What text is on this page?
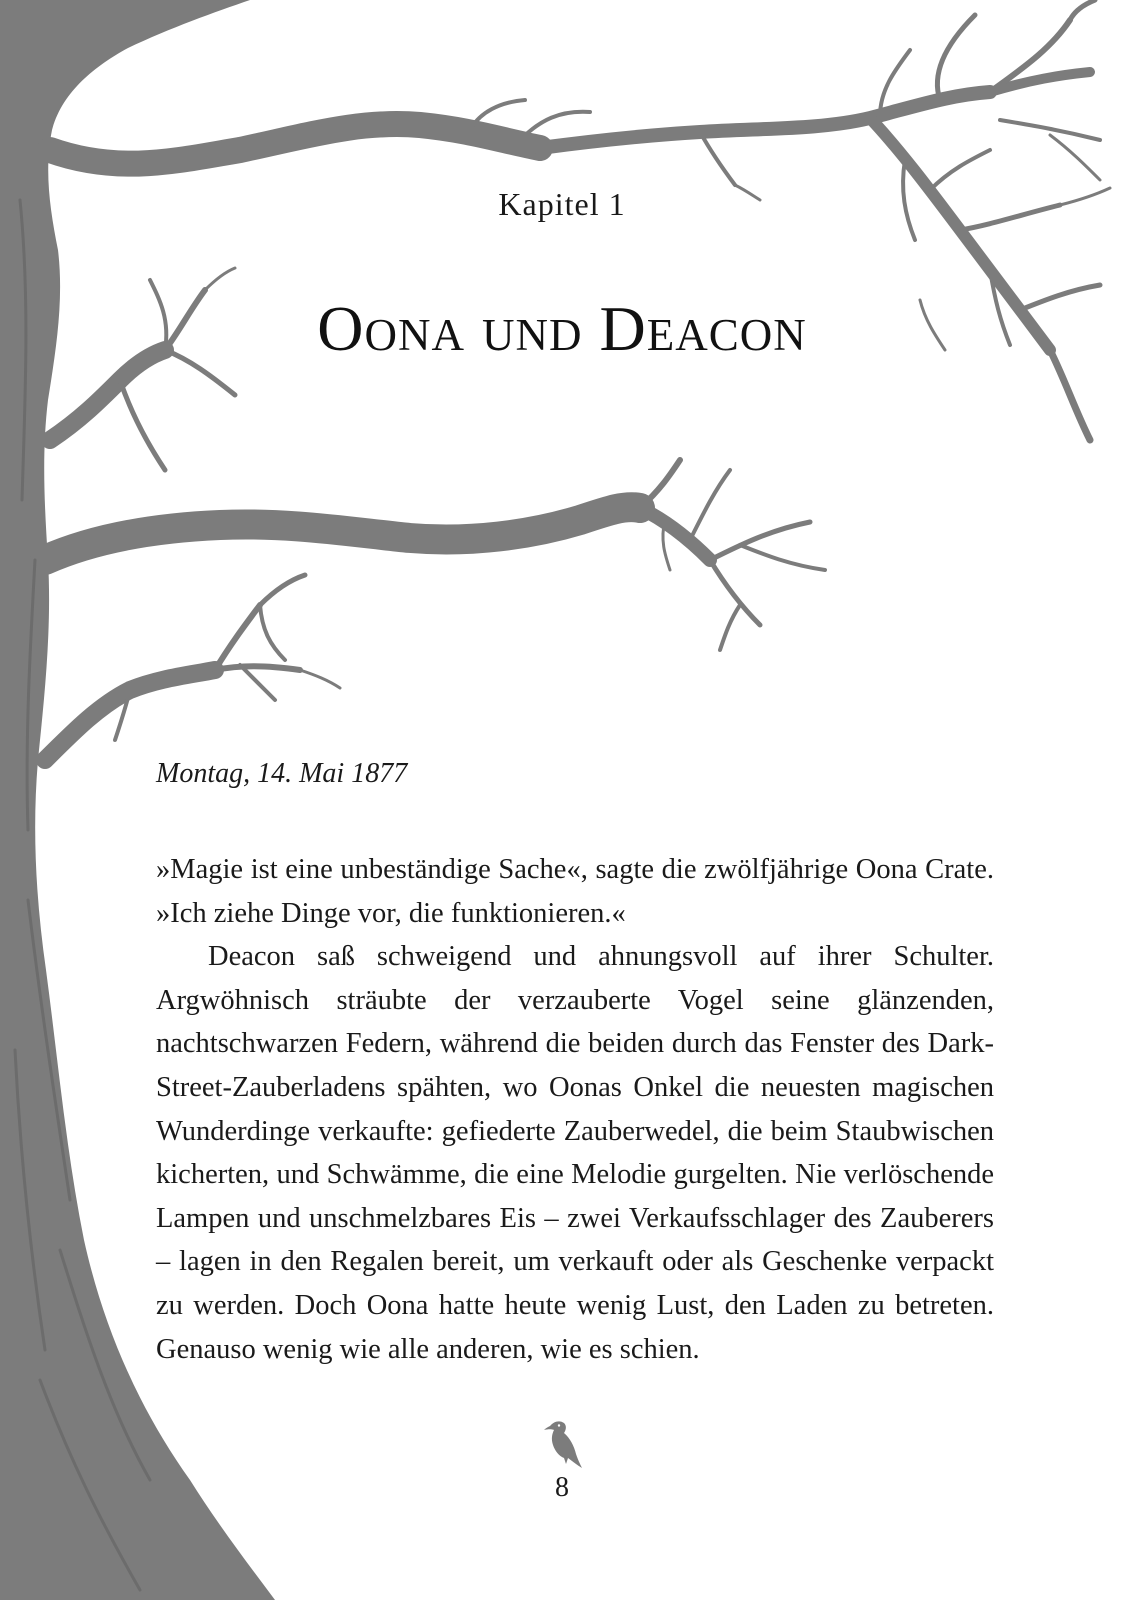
Kapitel 1
Oona und Deacon
Montag, 14. Mai 1877

»Magie ist eine unbeständige Sache«, sagte die zwölfjährige Oona Crate. »Ich ziehe Dinge vor, die funktionieren.«

Deacon saß schweigend und ahnungsvoll auf ihrer Schulter. Argwöhnisch sträubte der verzauberte Vogel seine glänzenden, nachtschwarzen Federn, während die beiden durch das Fenster des Dark-Street-Zauberladens spähten, wo Oonas Onkel die neuesten magischen Wunderdinge verkaufte: gefiederte Zauberwedel, die beim Staubwischen kicherten, und Schwämme, die eine Melodie gurgelten. Nie verlöschende Lampen und unschmelzbares Eis – zwei Verkaufsschlager des Zauberers – lagen in den Regalen bereit, um verkauft oder als Geschenke verpackt zu werden. Doch Oona hatte heute wenig Lust, den Laden zu betreten. Genauso wenig wie alle anderen, wie es schien.

8
